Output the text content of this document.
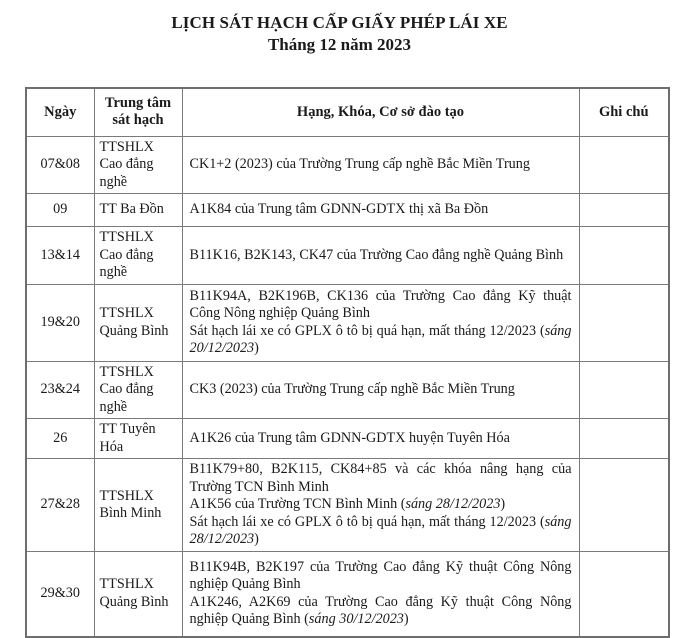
LỊCH SÁT HẠCH CẤP GIẤY PHÉP LÁI XE
Tháng 12 năm 2023
Ngày	Trung tâm sát hạch	Hạng, Khóa, Cơ sở đào tạo	Ghi chú
07&08	TTSHLX Cao đẳng nghề	CK1+2 (2023) của Trường Trung cấp nghề Bắc Miền Trung	

09	TT Ba Đồn	A1K84 của Trung tâm GDNN-GDTX thị xã Ba Đồn	

13&14	TTSHLX Cao đẳng nghề	B11K16, B2K143, CK47 của Trường Cao đẳng nghề Quảng Bình	

19&20	TTSHLX Quảng Bình	B11K94A, B2K196B, CK136 của Trường Cao đẳng Kỹ thuật Công Nông nghiệp Quảng Bình
Sát hạch lái xe có GPLX ô tô bị quá hạn, mất tháng 12/2023 (sáng 20/12/2023)	

23&24	TTSHLX Cao đẳng nghề	CK3 (2023) của Trường Trung cấp nghề Bắc Miền Trung	

26	TT Tuyên Hóa	A1K26 của Trung tâm GDNN-GDTX huyện Tuyên Hóa	

27&28	TTSHLX Bình Minh	B11K79+80, B2K115, CK84+85 và các khóa nâng hạng của Trường TCN Bình Minh
A1K56 của Trường TCN Bình Minh (sáng 28/12/2023)
Sát hạch lái xe có GPLX ô tô bị quá hạn, mất tháng 12/2023 (sáng 28/12/2023)	

29&30	TTSHLX Quảng Bình	B11K94B, B2K197 của Trường Cao đẳng Kỹ thuật Công Nông nghiệp Quảng Bình
A1K246, A2K69 của Trường Cao đẳng Kỹ thuật Công Nông nghiệp Quảng Bình (sáng 30/12/2023)	
